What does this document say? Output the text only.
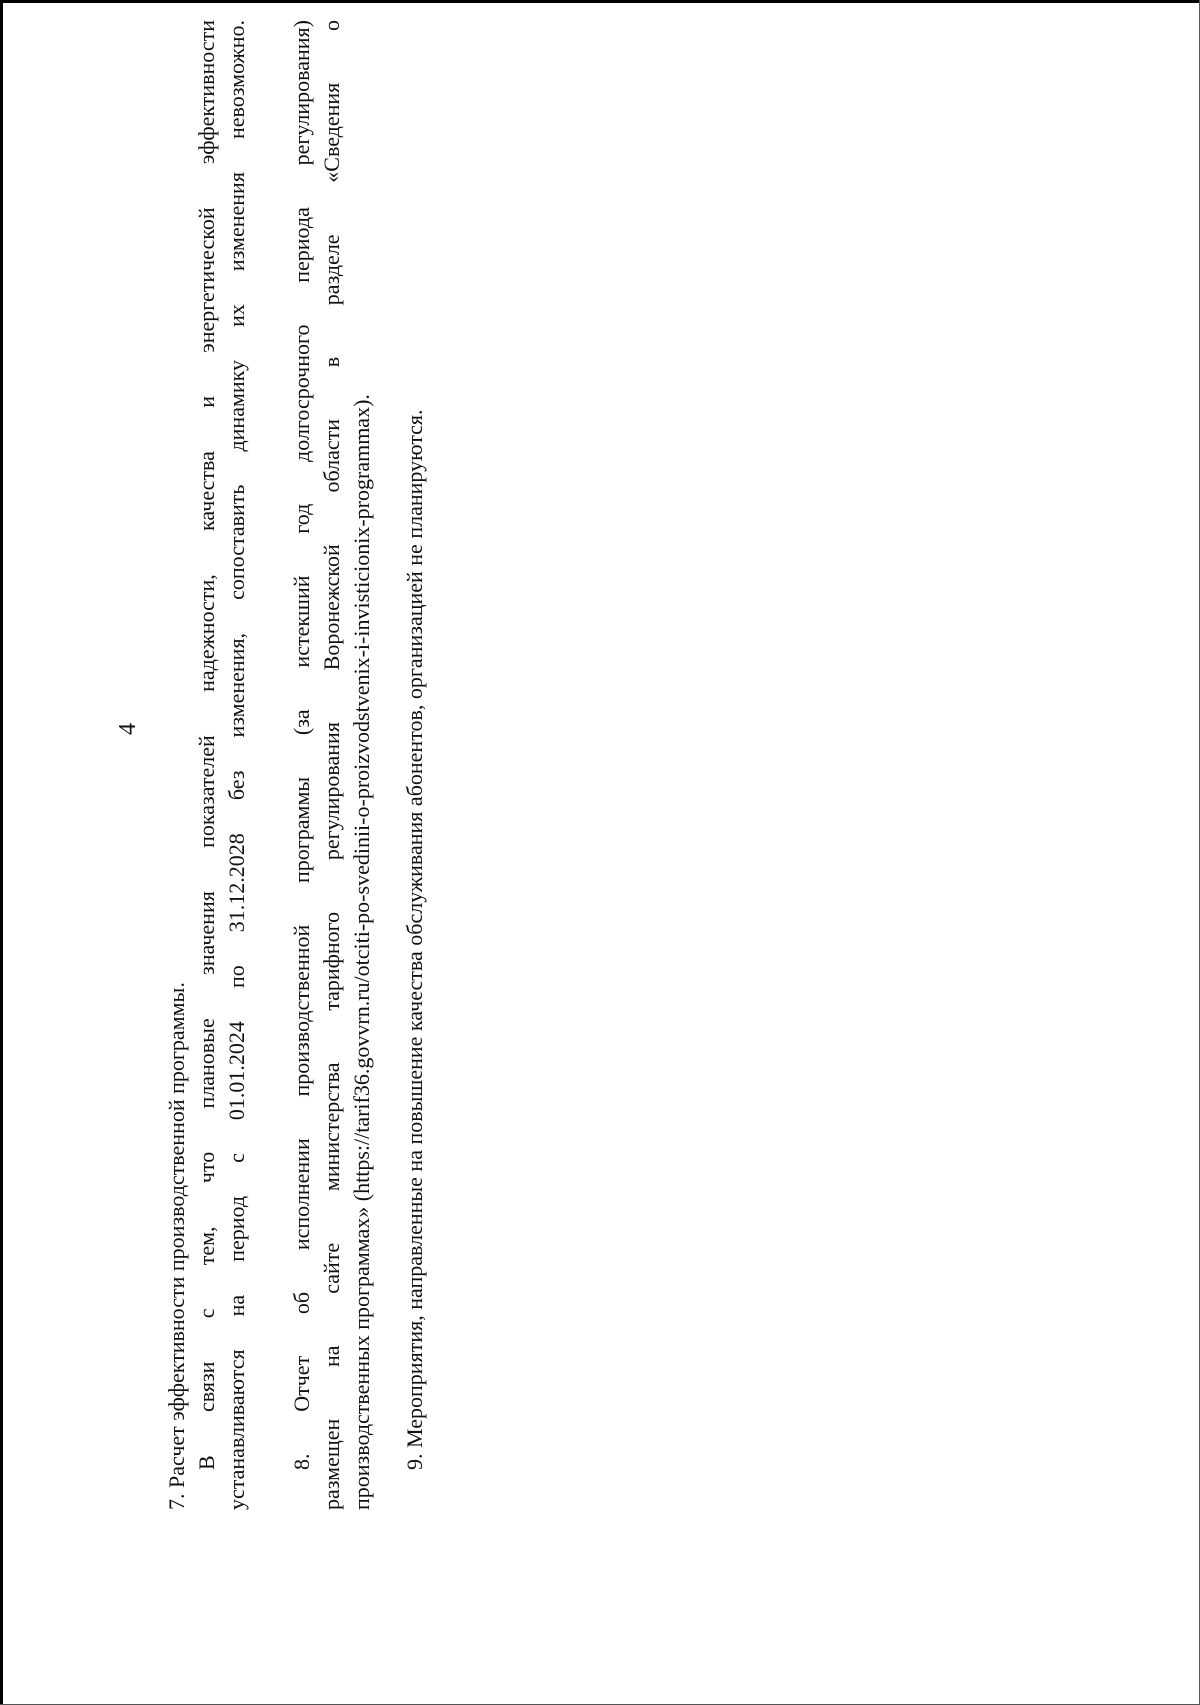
4
7. Расчет эффективности производственной программы. В связи с тем, что плановые значения показателей надежности, качества и энергетической эффективности устанавливаются на период с 01.01.2024 по 31.12.2028 без изменения, сопоставить динамику их изменения невозможно. 8. Отчет об исполнении производственной программы (за истекший год долгосрочного периода регулирования) размещен на сайте министерства тарифного регулирования Воронежской области в разделе «Сведения о производственных программах» (https://tarif36.govvrn.ru/otciti-po-svedinii-o-proizvodstvenix-i-invisticionix-programmax). 9. Мероприятия, направленные на повышение качества обслуживания абонентов, организацией не планируются.
